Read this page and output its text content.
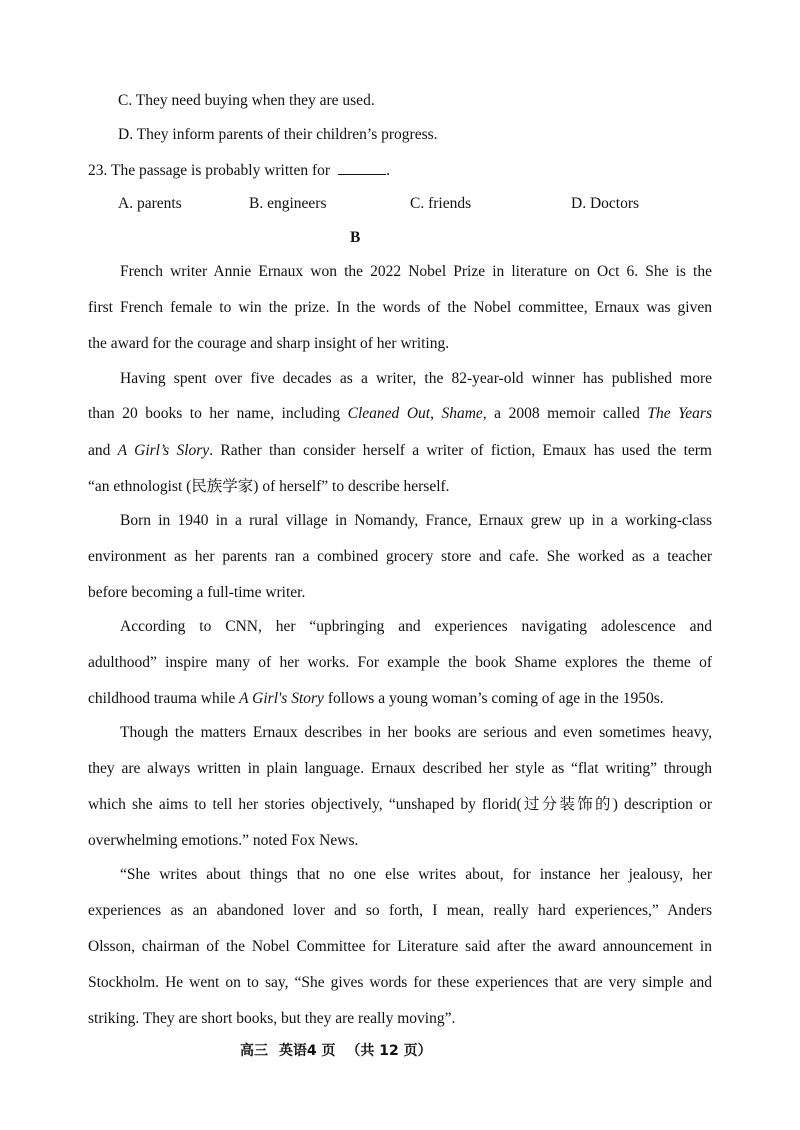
C. They need buying when they are used.
D. They inform parents of their children’s progress.
23. The passage is probably written for	.
A. parents	B. engineers	C. friends	D. Doctors
B
French writer Annie Ernaux won the 2022 Nobel Prize in literature on Oct 6. She is the
first French female to win the prize. In the words of the Nobel committee, Ernaux was given
the award for the courage and sharp insight of her writing.
Having spent over five decades as a writer, the 82-year-old winner has published more
than 20 books to her name, including Cleaned Out, Shame, a 2008 memoir called The Years
and A Girl’s Slory. Rather than consider herself a writer of fiction, Emaux has used the term
“an ethnologist (民族学家) of herself” to describe herself.
Born in 1940 in a rural village in Nomandy, France, Ernaux grew up in a working-class
environment as her parents ran a combined grocery store and cafe. She worked as a teacher
before becoming a full-time writer.
According to CNN, her “upbringing and experiences navigating adolescence and
adulthood” inspire many of her works. For example the book Shame explores the theme of
childhood trauma while A Girl's Story follows a young woman’s coming of age in the 1950s.
Though the matters Ernaux describes in her books are serious and even sometimes heavy,
they are always written in plain language. Ernaux described her style as “flat writing” through
which she aims to tell her stories objectively, “unshaped by florid(过分装饰的) description or
overwhelming emotions.” noted Fox News.
“She writes about things that no one else writes about, for instance her jealousy, her
experiences as an abandoned lover and so forth, I mean, really hard experiences,” Anders
Olsson, chairman of the Nobel Committee for Literature said after the award announcement in
Stockholm. He went on to say, “She gives words for these experiences that are very simple and
striking. They are short books, but they are really moving”.
高三 英语4 页 （共 12 页）
